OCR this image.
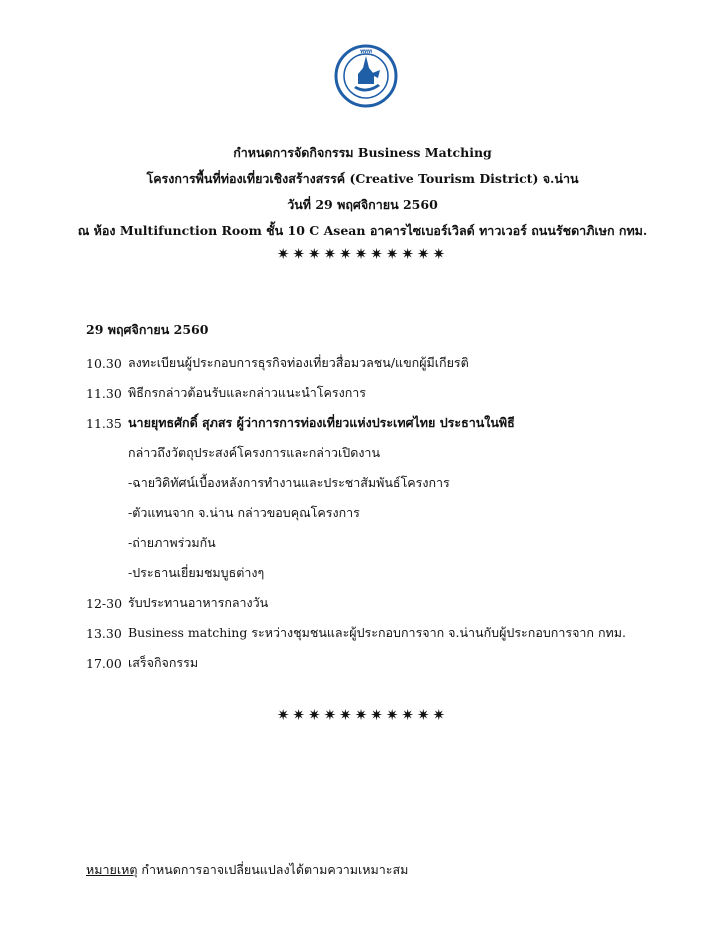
ททท
กำหนดการจัดกิจกรรม Business Matching
โครงการพื้นที่ท่องเที่ยวเชิงสร้างสรรค์ (Creative Tourism District) จ.น่าน
วันที่ 29 พฤศจิกายน 2560
ณ ห้อง Multifunction Room ชั้น 10 C Asean อาคารไซเบอร์เวิลด์ ทาวเวอร์ ถนนรัชดาภิเษก กทม.
✷✷✷✷✷✷✷✷✷✷✷
29 พฤศจิกายน 2560
10.30 ลงทะเบียนผู้ประกอบการธุรกิจท่องเที่ยวสื่อมวลชน/แขกผู้มีเกียรติ
11.30 พิธีกรกล่าวต้อนรับและกล่าวแนะนำโครงการ
11.35 นายยุทธศักดิ์ สุภสร ผู้ว่าการการท่องเที่ยวแห่งประเทศไทย ประธานในพิธี
กล่าวถึงวัตถุประสงค์โครงการและกล่าวเปิดงาน
-ฉายวิดิทัศน์เบื้องหลังการทำงานและประชาสัมพันธ์โครงการ
-ตัวแทนจาก จ.น่าน กล่าวขอบคุณโครงการ
-ถ่ายภาพร่วมกัน
-ประธานเยี่ยมชมบูธต่างๆ
12-30 รับประทานอาหารกลางวัน
13.30 Business matching ระหว่างชุมชนและผู้ประกอบการจาก จ.น่านกับผู้ประกอบการจาก กทม.
17.00 เสร็จกิจกรรม
✷✷✷✷✷✷✷✷✷✷✷
หมายเหตุ กำหนดการอาจเปลี่ยนแปลงได้ตามความเหมาะสม
